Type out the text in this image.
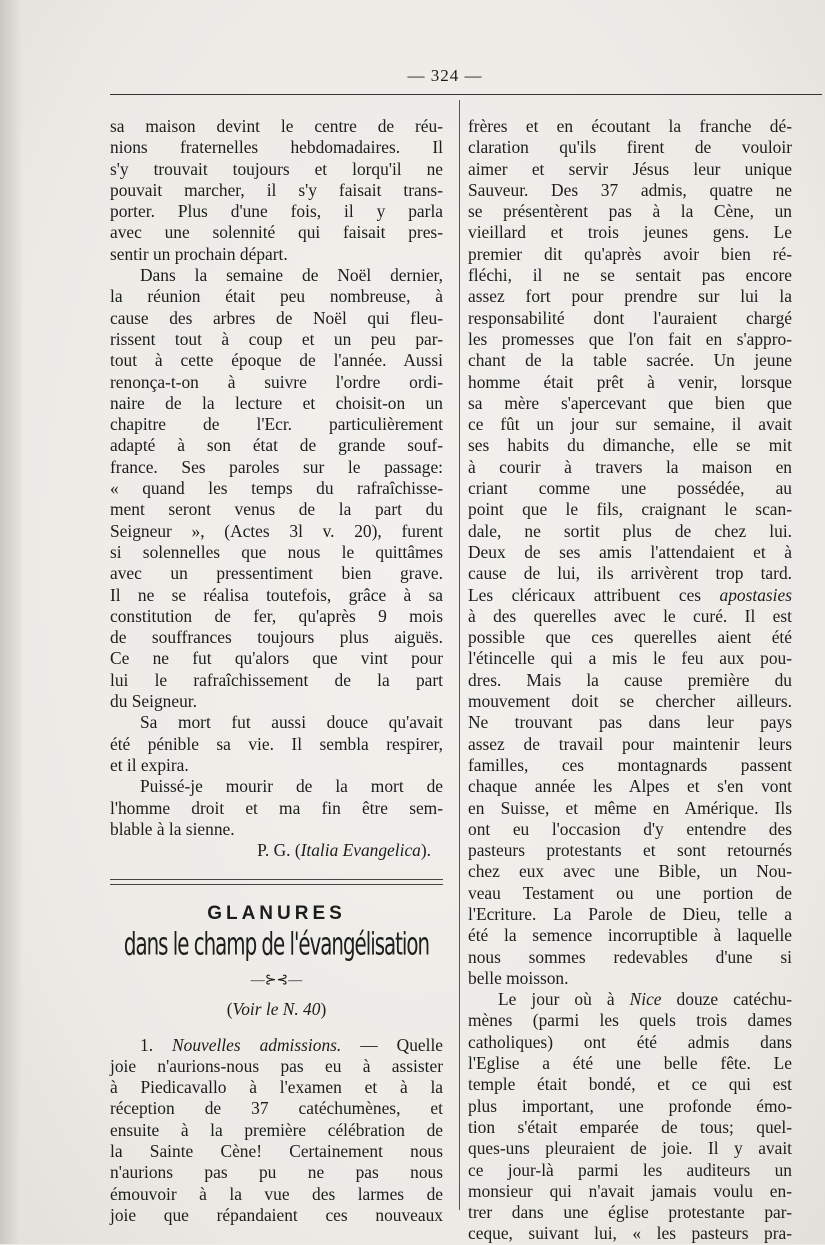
— 324 —
sa maison devint le centre de réu-
nions fraternelles hebdomadaires. Il
s'y trouvait toujours et lorqu'il ne
pouvait marcher, il s'y faisait trans-
porter. Plus d'une fois, il y parla
avec une solennité qui faisait pres-
sentir un prochain départ.
Dans la semaine de Noël dernier,
la réunion était peu nombreuse, à
cause des arbres de Noël qui fleu-
rissent tout à coup et un peu par-
tout à cette époque de l'année. Aussi
renonça-t-on à suivre l'ordre ordi-
naire de la lecture et choisit-on un
chapitre de l'Ecr. particulièrement
adapté à son état de grande souf-
france. Ses paroles sur le passage:
« quand les temps du rafraîchisse-
ment seront venus de la part du
Seigneur », (Actes 3l v. 20), furent
si solennelles que nous le quittâmes
avec un pressentiment bien grave.
Il ne se réalisa toutefois, grâce à sa
constitution de fer, qu'après 9 mois
de souffrances toujours plus aiguës.
Ce ne fut qu'alors que vint pour
lui le rafraîchissement de la part
du Seigneur.
Sa mort fut aussi douce qu'avait
été pénible sa vie. Il sembla respirer,
et il expira.
Puissé-je mourir de la mort de
l'homme droit et ma fin être sem-
blable à la sienne.
P. G. (Italia Evangelica).
GLANURES
dans le champ de l'évangélisation
—⊱⊰—
(Voir le N. 40)
1. Nouvelles admissions. — Quelle
joie n'aurions-nous pas eu à assister
à Piedicavallo à l'examen et à la
réception de 37 catéchumènes, et
ensuite à la première célébration de
la Sainte Cène! Certainement nous
n'aurions pas pu ne pas nous
émouvoir à la vue des larmes de
joie que répandaient ces nouveaux
frères et en écoutant la franche dé-
claration qu'ils firent de vouloir
aimer et servir Jésus leur unique
Sauveur. Des 37 admis, quatre ne
se présentèrent pas à la Cène, un
vieillard et trois jeunes gens. Le
premier dit qu'après avoir bien ré-
fléchi, il ne se sentait pas encore
assez fort pour prendre sur lui la
responsabilité dont l'auraient chargé
les promesses que l'on fait en s'appro-
chant de la table sacrée. Un jeune
homme était prêt à venir, lorsque
sa mère s'apercevant que bien que
ce fût un jour sur semaine, il avait
ses habits du dimanche, elle se mit
à courir à travers la maison en
criant comme une possédée, au
point que le fils, craignant le scan-
dale, ne sortit plus de chez lui.
Deux de ses amis l'attendaient et à
cause de lui, ils arrivèrent trop tard.
Les cléricaux attribuent ces apostasies
à des querelles avec le curé. Il est
possible que ces querelles aient été
l'étincelle qui a mis le feu aux pou-
dres. Mais la cause première du
mouvement doit se chercher ailleurs.
Ne trouvant pas dans leur pays
assez de travail pour maintenir leurs
familles, ces montagnards passent
chaque année les Alpes et s'en vont
en Suisse, et même en Amérique. Ils
ont eu l'occasion d'y entendre des
pasteurs protestants et sont retournés
chez eux avec une Bible, un Nou-
veau Testament ou une portion de
l'Ecriture. La Parole de Dieu, telle a
été la semence incorruptible à laquelle
nous sommes redevables d'une si
belle moisson.
Le jour où à Nice douze catéchu-
mènes (parmi les quels trois dames
catholiques) ont été admis dans
l'Eglise a été une belle fête. Le
temple était bondé, et ce qui est
plus important, une profonde émo-
tion s'était emparée de tous; quel-
ques-uns pleuraient de joie. Il y avait
ce jour-là parmi les auditeurs un
monsieur qui n'avait jamais voulu en-
trer dans une église protestante par-
ceque, suivant lui, « les pasteurs pra-
